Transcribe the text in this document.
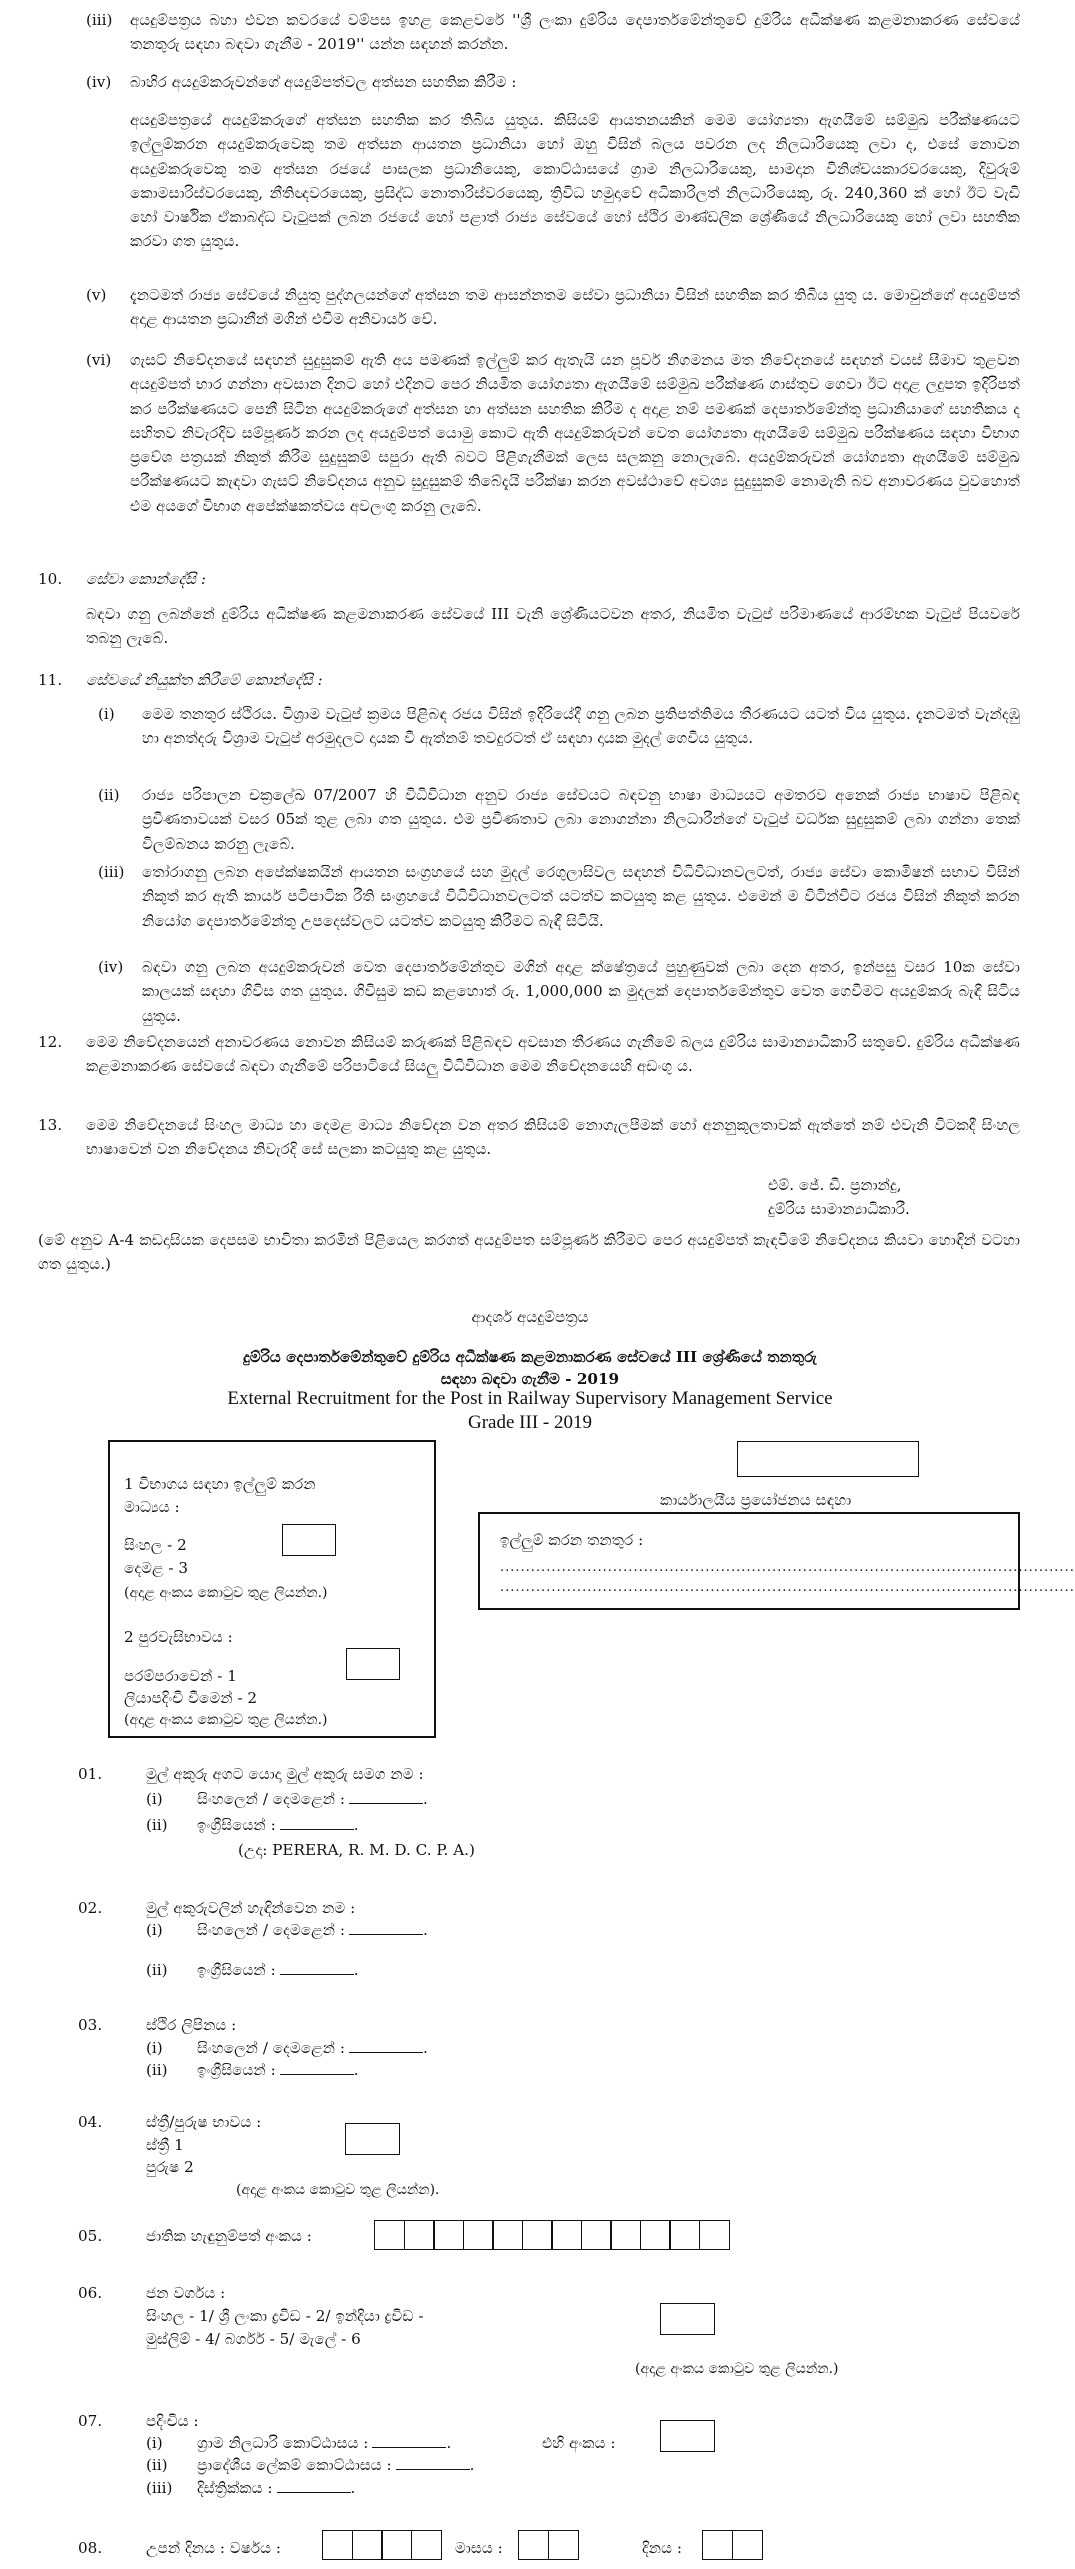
(iii) අයදුම්පත්‍රය බහා එවන කවරයේ වම්පස ඉහළ කෙළවරේ ''ශ්‍රී ලංකා දුම්රිය දෙපාර්තමේන්තුවේ දුම්රිය අධීක්ෂණ කළමනාකරණ සේවයේ තනතුරු සඳහා බඳවා ගැනීම - 2019'' යන්න සඳහන් කරන්න.
(iv) බාහිර අයදුම්කරුවන්ගේ අයදුම්පත්වල අත්සන සහතික කිරීම :
අයදුම්පත්‍රයේ අයදුම්කරුගේ අත්සන සහතික කර තිබිය යුතුය. කිසියම් ආයතනයකින් මෙම යෝග්‍යතා ඇගයීමේ සම්මුඛ පරීක්ෂණයට ඉල්ලුම්කරන අයදුම්කරුවෙකු තම අත්සන ආයතන ප්‍රධානියා හෝ ඔහු විසින් බලය පවරන ලද නිලධාරියෙකු ලවා ද, එසේ නොවන අයදුම්කරුවෙකු තම අත්සන රජයේ පාසලක ප්‍රධානියෙකු, කොට්ඨාසයේ ග්‍රාම නිලධාරියෙකු, සාමදාන විනිශ්චයකාරවරයෙකු, දිවුරුම් කොමසාරිස්වරයෙකු, නීතිඥවරයෙකු, ප්‍රසිද්ධ නොතාරිස්වරයෙකු, ත්‍රිවිධ හමුදාවේ අධිකාරිලත් නිලධාරියෙකු, රු. 240,360 ක් හෝ ඊට වැඩි හෝ වාර්ෂික ඒකාබද්ධ වැටුපක් ලබන රජයේ හෝ පළාත් රාජ්‍ය සේවයේ හෝ ස්ථිර මාණ්ඩලික ශ්‍රේණියේ නිලධාරියෙකු හෝ ලවා සහතික කරවා ගත යුතුය.
(v) දැනටමත් රාජ්‍ය සේවයේ නියුතු පුද්ගලයන්ගේ අත්සන තම ආසන්නතම සේවා ප්‍රධානියා විසින් සහතික කර තිබිය යුතු ය. මොවුන්ගේ අයදුම්පත් අදාළ ආයතන ප්‍රධානීන් මගින් එවීම අනිවාර්ය වේ.
(vi) ගැසට් නිවේදනයේ සඳහන් සුදුසුකම් ඇති අය පමණක් ඉල්ලුම් කර ඇතැයි යන පූර්ව නිගමනය මත නිවේදනයේ සඳහන් වයස් සීමාව තුළවන අයදුම්පත් භාර ගන්නා අවසාන දිනට හෝ එදිනට පෙර නියමිත යෝග්‍යතා ඇගයීමේ සම්මුඛ පරීක්ෂණ ගාස්තුව ගෙවා ඊට අදාළ ලදුපත ඉදිරිපත් කර පරීක්ෂණයට පෙනී සිටින අයදුම්කරුගේ අත්සන හා අත්සන සහතික කිරීම ද අදාළ නම් පමණක් දෙපාර්තමේන්තු ප්‍රධානියාගේ සහතිකය ද සහිතව නිවැරදිව සම්පූර්ණ කරන ලද අයදුම්පත් යොමු කොට ඇති අයදුම්කරුවන් වෙත යෝග්‍යතා ඇගයීමේ සම්මුඛ පරීක්ෂණය සඳහා විභාග ප්‍රවේශ පත්‍රයක් නිකුත් කිරීම සුදුසුකම් සපුරා ඇති බවට පිළිගැනීමක් ලෙස සලකනු නොලැබේ. අයදුම්කරුවන් යෝග්‍යතා ඇගයීමේ සම්මුඛ පරීක්ෂණයට කැඳවා ගැසට් නිවේදනය අනුව සුදුසුකම් තිබේදැයි පරීක්ෂා කරන අවස්ථාවේ අවශ්‍ය සුදුසුකම් නොමැති බව අනාවරණය වුවහොත් එම අයගේ විභාග අපේක්ෂකත්වය අවලංගු කරනු ලැබේ.
10. සේවා කොන්දේසි :
බඳවා ගනු ලබන්නේ දුම්රිය අධීක්ෂණ කළමනාකරණ සේවයේ III වැනි ශ්‍රේණියටවන අතර, නියමිත වැටුප් පරිමාණයේ ආරම්භක වැටුප් පියවරේ තබනු ලැබේ.
11. සේවයේ නියුක්ත කිරීමේ කොන්දේසි :
(i) මෙම තනතුර ස්ථිරය. විශ්‍රාම වැටුප් ක්‍රමය පිළිබඳ රජය විසින් ඉදිරියේදී ගනු ලබන ප්‍රතිපත්තිමය තීරණයට යටත් විය යුතුය. දැනටමත් වැන්දඹු හා අනත්දරු විශ්‍රාම වැටුප් අරමුදලට දායක වී ඇත්නම් තවදුරටත් ඒ සඳහා දායක මුදල් ගෙවිය යුතුය.
(ii) රාජ්‍ය පරිපාලන චක්‍රලේඛ 07/2007 හි විධිවිධාන අනුව රාජ්‍ය සේවයට බඳවනු භාෂා මාධ්‍යයට අමතරව අනෙක් රාජ්‍ය භාෂාව පිළිබඳ ප්‍රවීණතාවයක් වසර 05ක් තුළ ලබා ගත යුතුය. එම ප්‍රවීණතාව ලබා නොගන්නා නිලධාරීන්ගේ වැටුප් වර්ධක සුදුසුකම් ලබා ගන්නා තෙක් විලම්බනය කරනු ලැබේ.
(iii) තෝරාගනු ලබන අපේක්ෂකයින් ආයතන සංග්‍රහයේ සහ මුදල් රෙගුලාසිවල සඳහන් විධිවිධානවලටත්, රාජ්‍ය සේවා කොමිෂන් සභාව විසින් නිකුත් කර ඇති කාර්ය පටිපාටික රීති සංග්‍රහයේ විධිවිධානවලටත් යටත්ව කටයුතු කළ යුතුය. එමෙන් ම විටින්විට රජය විසින් නිකුත් කරන නියෝග දෙපාර්තමේන්තු උපදෙස්වලට යටත්ව කටයුතු කිරීමට බැඳී සිටියි.
(iv) බඳවා ගනු ලබන අයදුම්කරුවන් වෙත දෙපාර්තමේන්තුව මගින් අදාළ ක්ෂේත්‍රයේ පුහුණුවක් ලබා දෙන අතර, ඉන්පසු වසර 10ක සේවා කාලයක් සඳහා ගිවිස ගත යුතුය. ගිවිසුම කඩ කළහොත් රු. 1,000,000 ක මුදලක් දෙපාර්තමේන්තුව වෙත ගෙවීමට අයදුම්කරු බැඳී සිටිය යුතුය.
12. මෙම නිවේදනයෙන් අනාවරණය නොවන කිසියම් කරුණක් පිළිබඳව අවසාන තීරණය ගැනීමේ බලය දුම්රිය සාමාන්‍යාධිකාරි සතුවේ. දුම්රිය අධීක්ෂණ කළමනාකරණ සේවයේ බඳවා ගැනීමේ පරිපාටියේ සියලු විධිවිධාන මෙම නිවේදනයෙහි අඩංගු ය.
13. මෙම නිවේදනයේ සිංහල මාධ්‍ය හා දෙමළ මාධ්‍ය නිවේදන වන අතර කිසියම් නොගැලපීමක් හෝ අනනුකූලතාවක් ඇත්තේ නම් එවැනි විටකදී සිංහල භාෂාවෙන් වන නිවේදනය නිවැරදි සේ සලකා කටයුතු කළ යුතුය.
එම්. ජේ. ඩී. ප්‍රනාන්දු,
දුම්රිය සාමාන්‍යාධිකාරී.
(මේ අනුව A-4 කඩදාසියක දෙපසම භාවිතා කරමින් පිළියෙල කරගත් අයදුම්පත සම්පූර්ණ කිරීමට පෙර අයදුම්පත් කැඳවීමේ නිවේදනය කියවා හොඳින් වටහා ගත යුතුය.)
ආදර්ශ අයදුම්පත්‍රය
දුම්රිය දෙපාර්තමේන්තුවේ දුම්රිය අධීක්ෂණ කළමනාකරණ සේවයේ III ශ්‍රේණියේ තනතුරු
සඳහා බඳවා ගැනීම - 2019
External Recruitment for the Post in Railway Supervisory Management Service
Grade III - 2019
1 විභාගය සඳහා ඉල්ලුම් කරන
මාධ්‍යය :
සිංහල - 2
දෙමළ - 3
(අදාළ අංකය කොටුව තුළ ලියන්න.)
2 පුරවැසිභාවය :
පරම්පරාවෙන් - 1
ලියාපදිංචි වීමෙන් - 2
(අදාළ අංකය කොටුව තුළ ලියන්න.)
කාර්යාලයීය ප්‍රයෝජනය සඳහා
ඉල්ලුම් කරන තනතුර :
................................................................................................................
................................................................................................................
01.	මුල් අකුරු අගට යොදා මුල් අකුරු සමග නම :
(i) සිංහලෙන් / දෙමළෙන් :	.
(ii) ඉංග්‍රීසියෙන් :	.
(උදා: PERERA, R. M. D. C. P. A.)
02.	මුල් අකුරුවලින් හැඳින්වෙන නම :
(i) සිංහලෙන් / දෙමළෙන් :	.
(ii) ඉංග්‍රීසියෙන් :	.
03.	ස්ථිර ලිපිනය :
(i) සිංහලෙන් / දෙමළෙන් :	.
(ii) ඉංග්‍රීසියෙන් :	.
04.	ස්ත්‍රී/පුරුෂ භාවය :
ස්ත්‍රී 1
පුරුෂ 2
(අදාළ අංකය කොටුව තුළ ලියන්න).
05.	ජාතික හැඳුනුම්පත් අංකය :
06.	ජන වර්ගය :
සිංහල - 1/ ශ්‍රී ලංකා ද්‍රවිඩ - 2/ ඉන්දියා ද්‍රවිඩ -
මුස්ලිම් - 4/ බර්ගර් - 5/ මැලේ - 6
(අදාළ අංකය කොටුව තුළ ලියන්න.)
07.	පදිංචිය :
(i) ග්‍රාම නිලධාරි කොට්ඨාසය :	.	එහි අංකය :
(ii) ප්‍රාදේශීය ලේකම් කොට්ඨාසය :	.
(iii) දිස්ත්‍රික්කය :	.
08.	උපන් දිනය : වර්ෂය :	මාසය :	දිනය :
